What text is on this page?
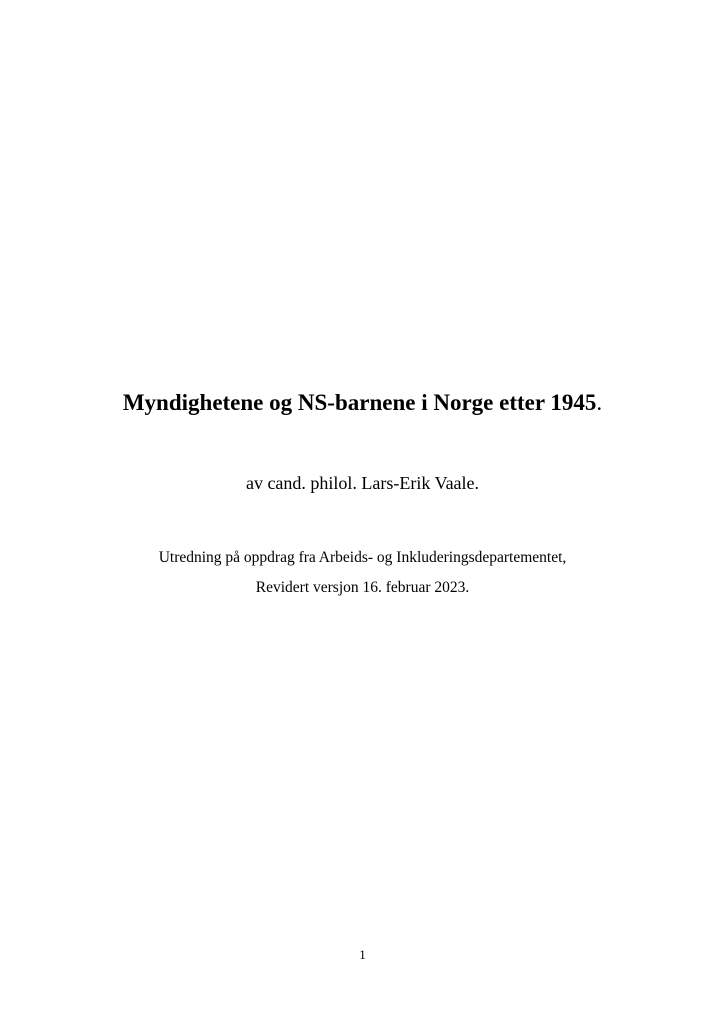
Myndighetene og NS-barnene i Norge etter 1945.
av cand. philol. Lars-Erik Vaale.
Utredning på oppdrag fra Arbeids- og Inkluderingsdepartementet,
Revidert versjon 16. februar 2023.
1
